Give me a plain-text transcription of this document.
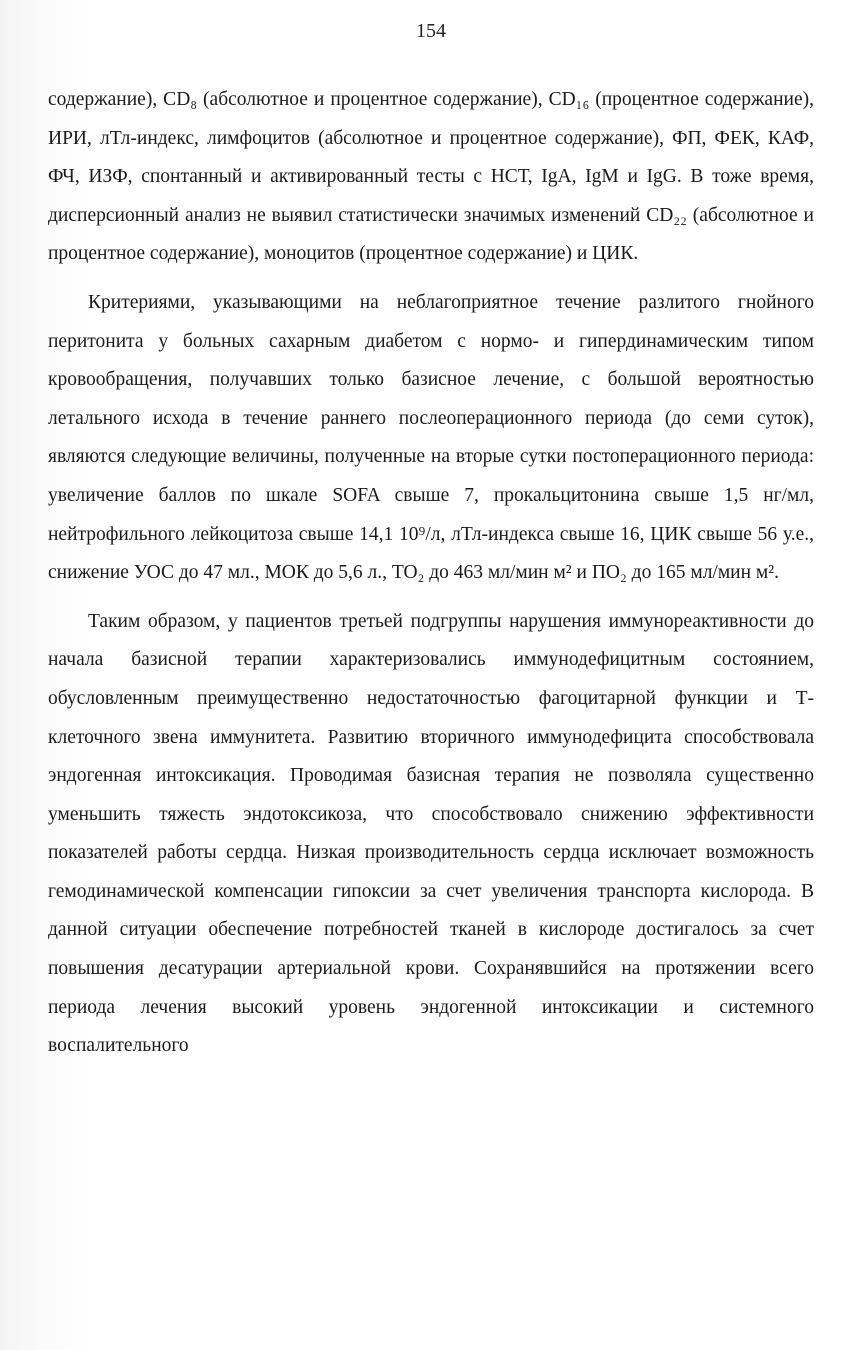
154

содержание), CD₈ (абсолютное и процентное содержание), CD₁₆ (процентное содержание), ИРИ, лТл-индекс, лимфоцитов (абсолютное и процентное содержание), ФП, ФЕК, КАФ, ФЧ, ИЗФ, спонтанный и активированный тесты с НСТ, IgA, IgM и IgG. В тоже время, дисперсионный анализ не выявил статистически значимых изменений CD₂₂ (абсолютное и процентное содержание), моноцитов (процентное содержание) и ЦИК.

Критериями, указывающими на неблагоприятное течение разлитого гнойного перитонита у больных сахарным диабетом с нормо- и гипердинамическим типом кровообращения, получавших только базисное лечение, с большой вероятностью летального исхода в течение раннего послеоперационного периода (до семи суток), являются следующие величины, полученные на вторые сутки постоперационного периода: увеличение баллов по шкале SOFA свыше 7, прокальцитонина свыше 1,5 нг/мл, нейтрофильного лейкоцитоза свыше 14,1 10⁹/л, лТл-индекса свыше 16, ЦИК свыше 56 у.е., снижение УОС до 47 мл., МОК до 5,6 л., TO₂ до 463 мл/мин м² и ПО₂ до 165 мл/мин м².

Таким образом, у пациентов третьей подгруппы нарушения иммунореактивности до начала базисной терапии характеризовались иммунодефицитным состоянием, обусловленным преимущественно недостаточностью фагоцитарной функции и Т-клеточного звена иммунитета. Развитию вторичного иммунодефицита способствовала эндогенная интоксикация. Проводимая базисная терапия не позволяла существенно уменьшить тяжесть эндотоксикоза, что способствовало снижению эффективности показателей работы сердца. Низкая производительность сердца исключает возможность гемодинамической компенсации гипоксии за счет увеличения транспорта кислорода. В данной ситуации обеспечение потребностей тканей в кислороде достигалось за счет повышения десатурации артериальной крови. Сохранявшийся на протяжении всего периода лечения высокий уровень эндогенной интоксикации и системного воспалительного
